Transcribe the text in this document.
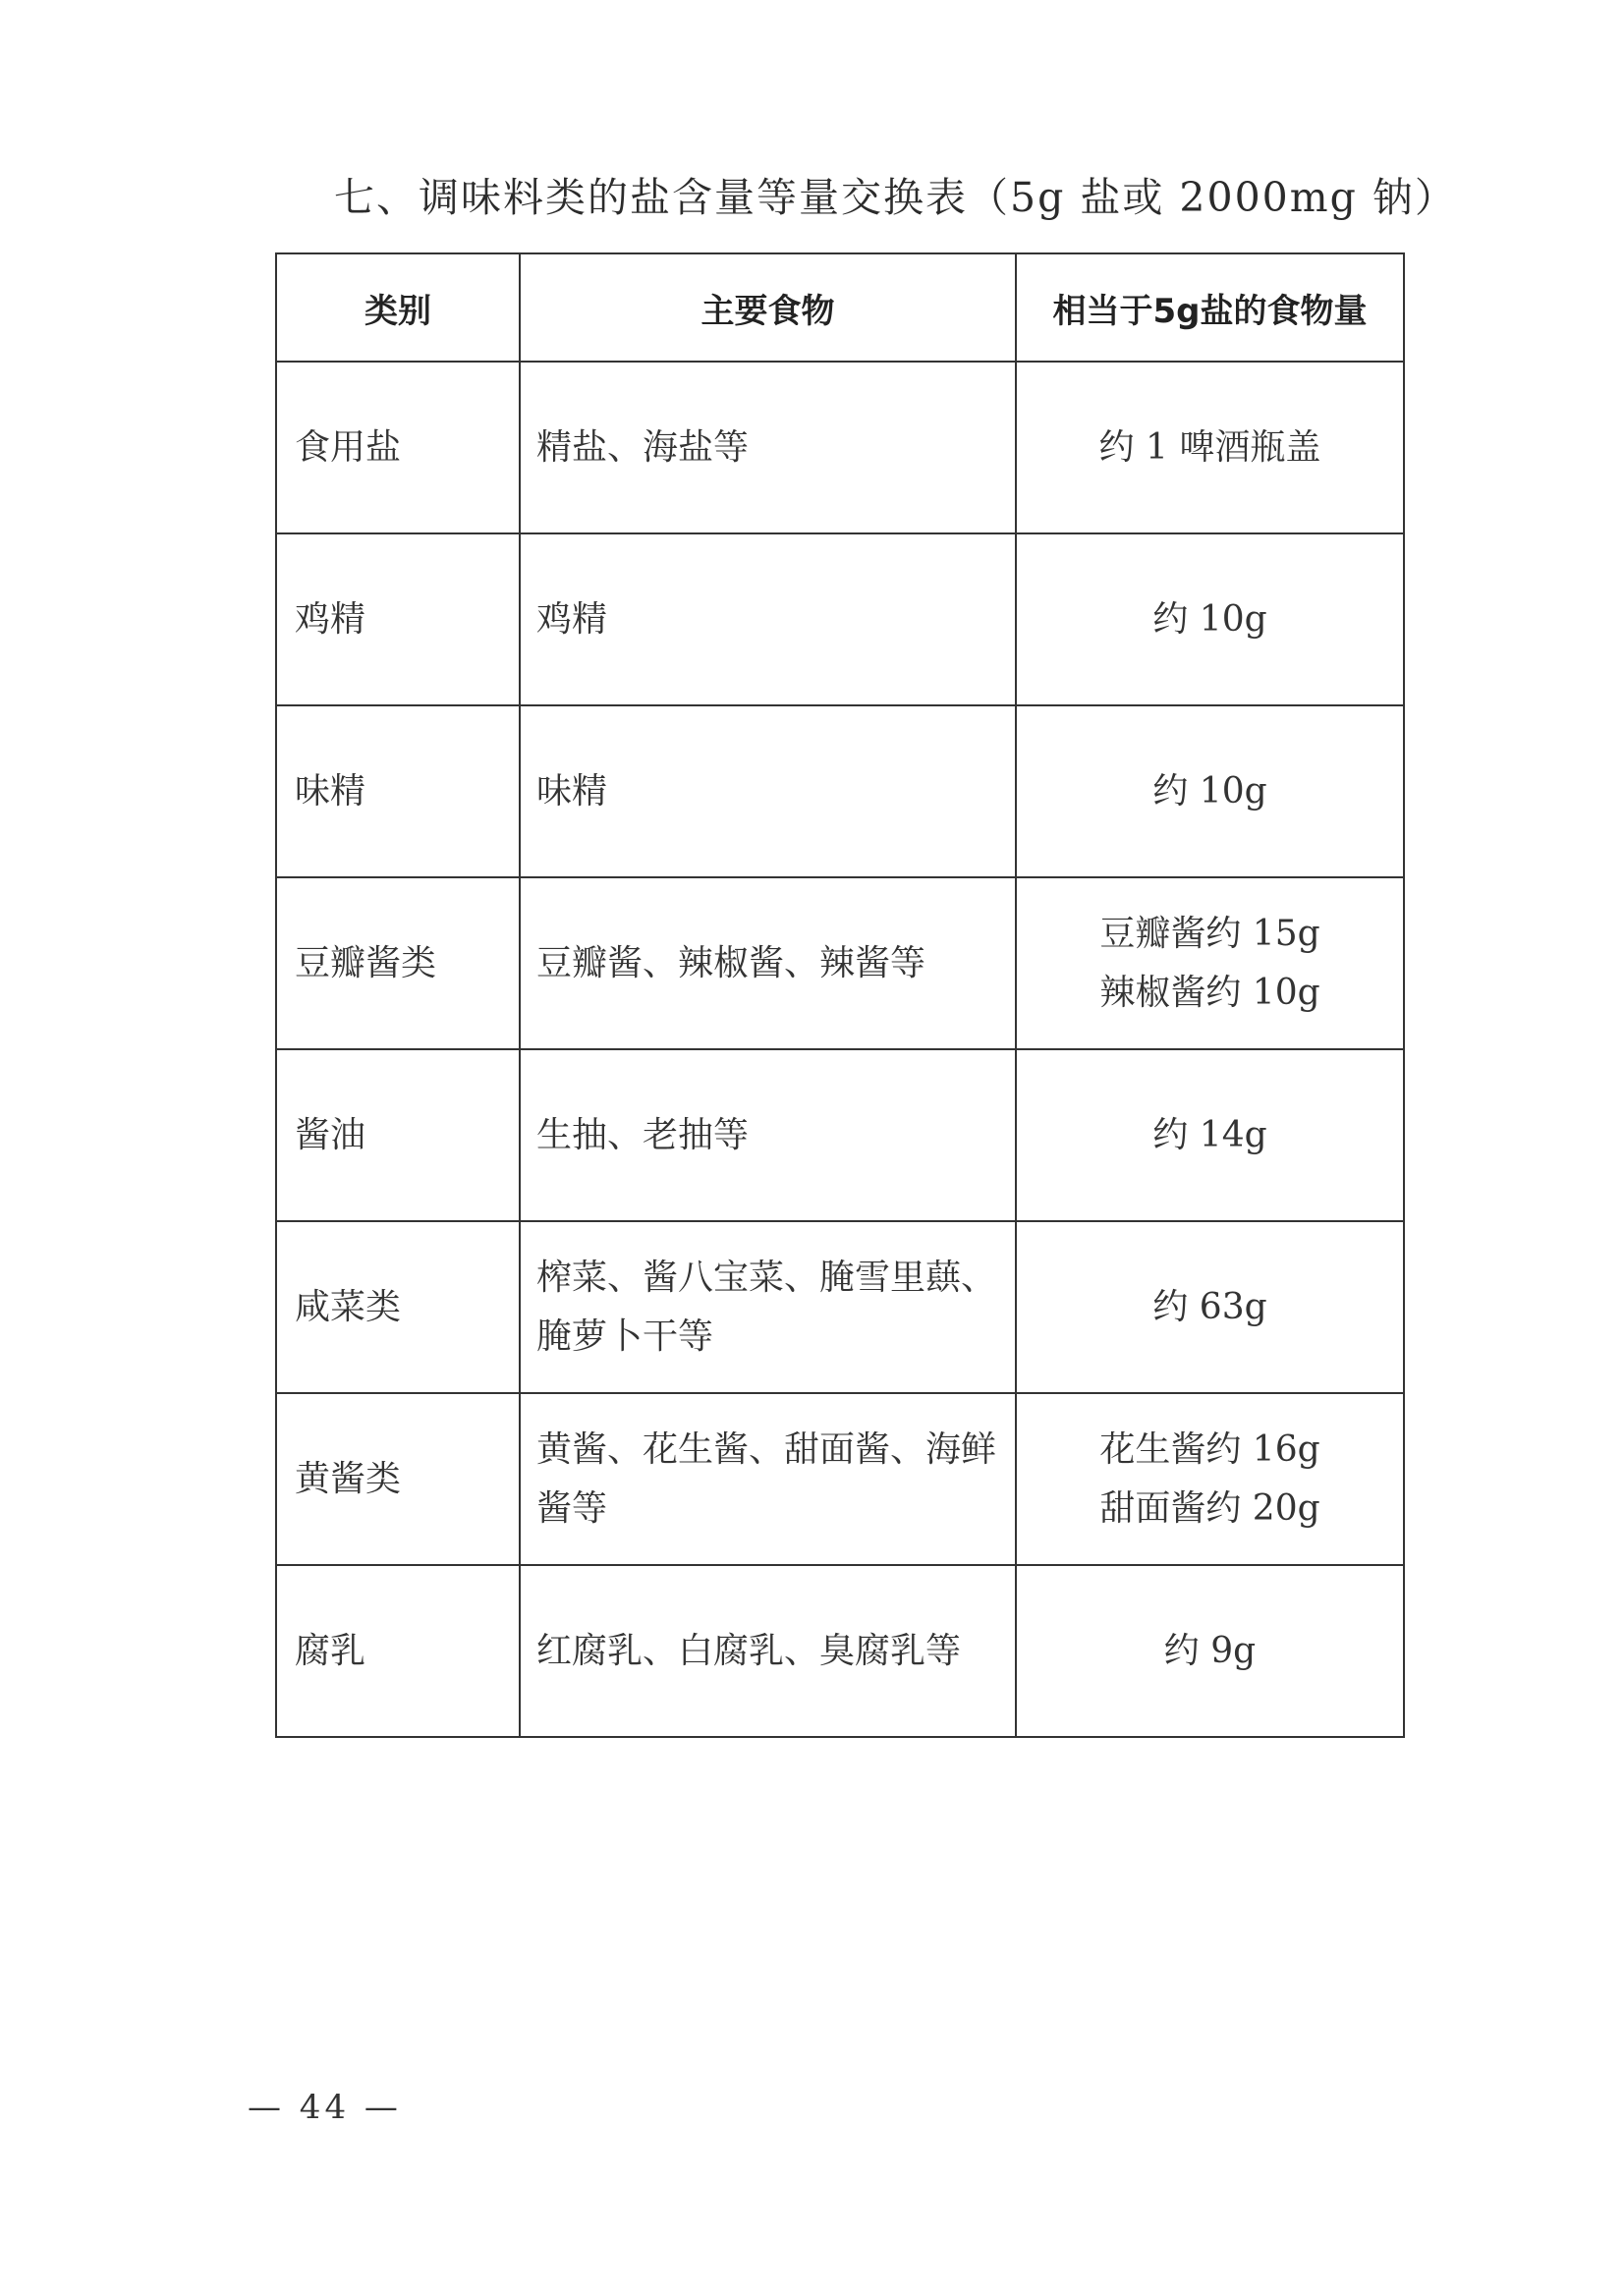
七、调味料类的盐含量等量交换表（5g 盐或 2000mg 钠）
类别	主要食物	相当于5g盐的食物量
食用盐	精盐、海盐等	约 1 啤酒瓶盖

鸡精	鸡精	约 10g

味精	味精	约 10g

豆瓣酱类	豆瓣酱、辣椒酱、辣酱等	豆瓣酱约 15g
辣椒酱约 10g

酱油	生抽、老抽等	约 14g

咸菜类	榨菜、酱八宝菜、腌雪里蕻、腌萝卜干等	约 63g

黄酱类	黄酱、花生酱、甜面酱、海鲜酱等	花生酱约 16g
甜面酱约 20g

腐乳	红腐乳、白腐乳、臭腐乳等	约 9g
— 44 —
